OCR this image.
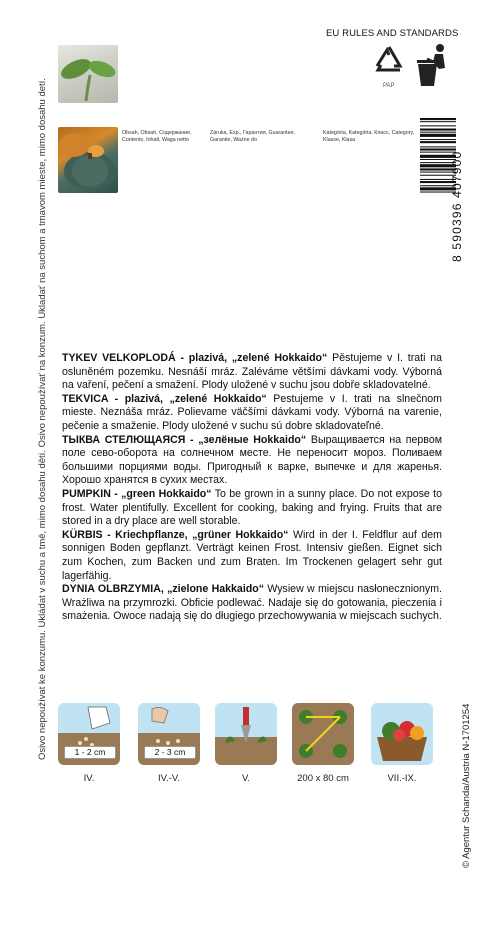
Osivo nepoužívat ke konzumu. Ukládat v suchu a tmě, mimo dosahu dětí. Osivo nepoužívať na konzum. Ukladať na suchom a tmavom mieste, mimo dosahu detí.
© Agentur Schanda/Austria N-1701254
Obsah, Obsah, Содержание, Contents, Inhalt, Waga netto
Záruka, Exp., Гарантия, Guarantee, Garantie, Ważne do
Kategória, Kategória, Класс, Category, Klasse, Klasa
EU RULES AND STANDARDS
PAP
8 590396 407900

TYKEV VELKOPLODÁ - plazivá, „zelené Hokkaido“ Pěstujeme v I. trati na osluněném pozemku. Nesnáší mráz. Zaléváme většími dávkami vody. Výborná na vaření, pečení a smažení. Plody uložené v suchu jsou dobře skladovatelné.

TEKVICA - plazivá, „zelené Hokkaido“ Pestujeme v I. trati na slnečnom mieste. Neznáša mráz. Polievame väčšími dávkami vody. Výborná na varenie, pečenie a smaženie. Plody uložené v suchu sú dobre skladovateľné.

ТЫКВА СТЕЛЮЩАЯСЯ - „зелёные Hokkaido“ Выращивается на первом поле сево-оборота на солнечном месте. Не переносит мороз. Поливаем большими порциями воды. Пригодный к варке, выпечке и для жаренья. Хорошо хранятся в сухих местах.

PUMPKIN - „green Hokkaido“ To be grown in a sunny place. Do not expose to frost. Water plentifully. Excellent for cooking, baking and frying. Fruits that are stored in a dry place are well storable.

KÜRBIS - Kriechpflanze, „grüner Hokkaido“ Wird in der I. Feldflur auf dem sonnigen Boden gepflanzt. Verträgt keinen Frost. Intensiv gießen. Eignet sich zum Kochen, zum Backen und zum Braten. Im Trockenen gelagert sehr gut lagerfähig.

DYNIA OLBRZYMIA, „zielone Hakkaido“ Wysiew w miejscu nasłonecznionym. Wrażliwa na przymrozki. Obficie podlewać. Nadaje się do gotowania, pieczenia i smażenia. Owoce nadają się do długiego przechowywania w miejscach suchych.

1 - 2 cm
IV.
2 - 3 cm
IV.-V.	V.	200 x 80 cm	VII.-IX.
